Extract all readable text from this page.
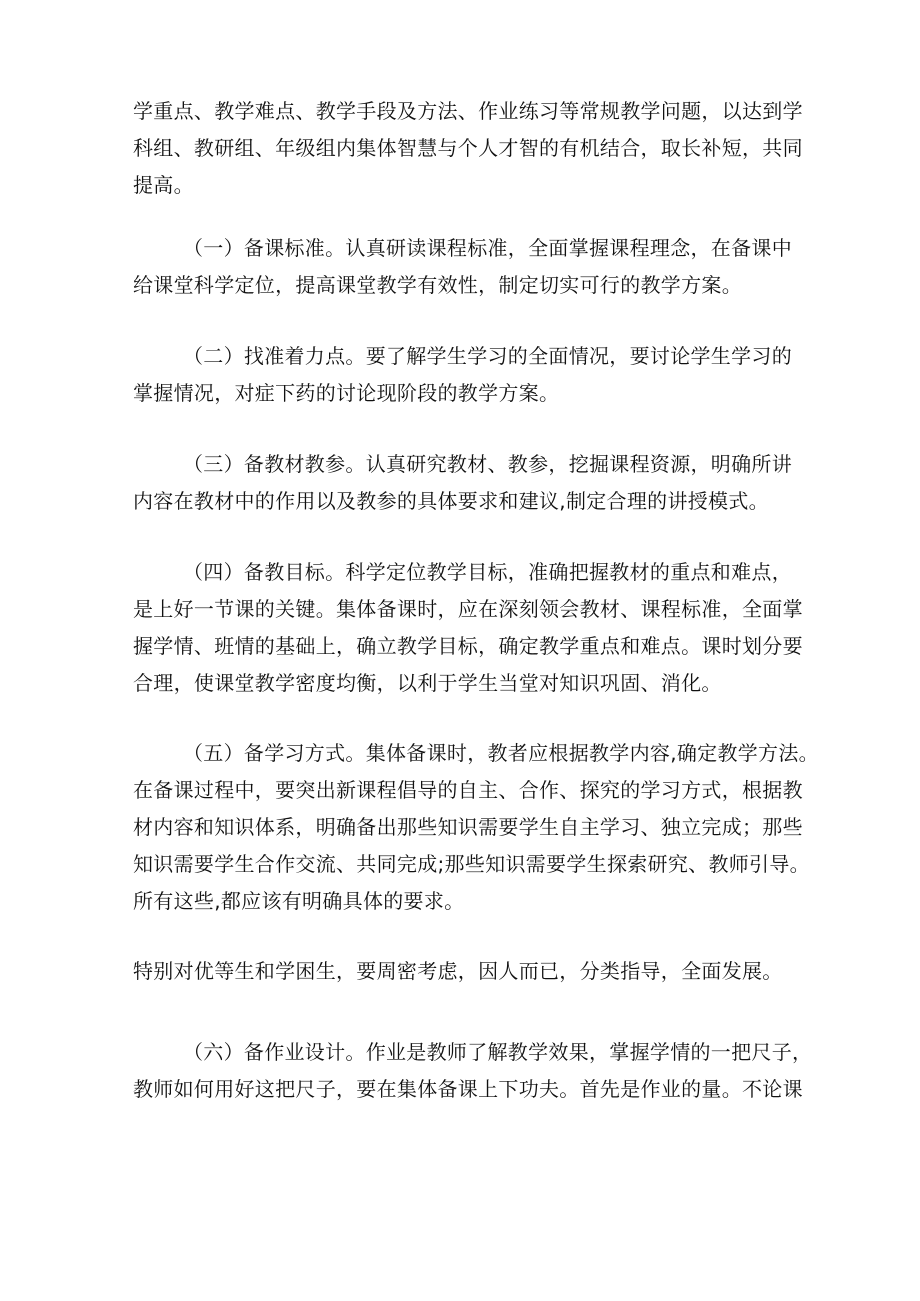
学重点、教学难点、教学手段及方法、作业练习等常规教学问题，以达到学
科组、教研组、年级组内集体智慧与个人才智的有机结合，取长补短，共同
提高。
（一）备课标准。认真研读课程标准，全面掌握课程理念，在备课中
给课堂科学定位，提高课堂教学有效性，制定切实可行的教学方案。
（二）找准着力点。要了解学生学习的全面情况，要讨论学生学习的
掌握情况，对症下药的讨论现阶段的教学方案。
（三）备教材教参。认真研究教材、教参，挖掘课程资源，明确所讲
内容在教材中的作用以及教参的具体要求和建议,制定合理的讲授模式。
（四）备教目标。科学定位教学目标，准确把握教材的重点和难点，
是上好一节课的关键。集体备课时，应在深刻领会教材、课程标准，全面掌
握学情、班情的基础上，确立教学目标，确定教学重点和难点。课时划分要
合理，使课堂教学密度均衡，以利于学生当堂对知识巩固、消化。
（五）备学习方式。集体备课时，教者应根据教学内容,确定教学方法。
在备课过程中，要突出新课程倡导的自主、合作、探究的学习方式，根据教
材内容和知识体系，明确备出那些知识需要学生自主学习、独立完成；那些
知识需要学生合作交流、共同完成;那些知识需要学生探索研究、教师引导。
所有这些,都应该有明确具体的要求。
特别对优等生和学困生，要周密考虑，因人而已，分类指导，全面发展。
（六）备作业设计。作业是教师了解教学效果，掌握学情的一把尺子，
教师如何用好这把尺子，要在集体备课上下功夫。首先是作业的量。不论课
